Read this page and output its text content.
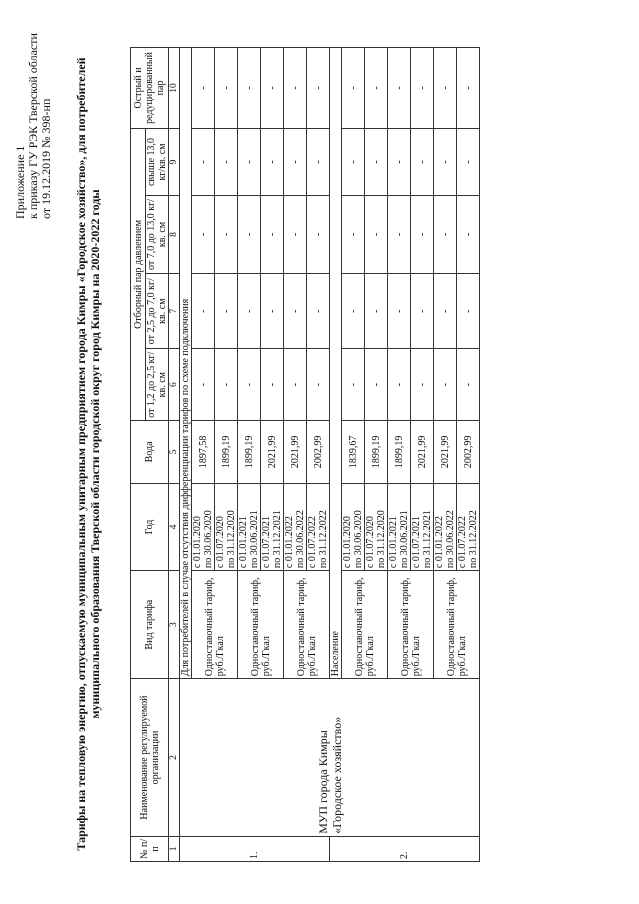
Приложение 1 к приказу ГУ РЭК Тверской области от 19.12.2019 № 398-нп Тарифы на тепловую энергию, отпускаемую муниципальным унитарным предприятием города Кимры «Городское хозяйство», для потребителей муниципального образования Тверской области городской округ город Кимры на 2020-2022 годы
№ п/п	Наименование регулируемой организации	Вид тарифа	Год	Вода	Отборный пар давлением				Острый и редуцированный пар
					от 1,2 до 2,5 кг/кв. см	от 2,5 до 7,0 кг/кв. см	от 7,0 до 13,0 кг/кв. см	свыше 13,0 кг/кв. см	
1	2	3	4	5	6	7	8	9	10
1.	МУП города Кимры «Городское хозяйство»	Для потребителей в случае отсутствия дифференциации тарифов по схеме подключения							
		Одноставочный тариф, руб./Гкал	с 01.01.2020 по 30.06.2020	1897,58	-	-	-	-	-

			с 01.07.2020 по 31.12.2020	1899,19	-	-	-	-	-
		Одноставочный тариф, руб./Гкал	с 01.01.2021 по 30.06.2021	1899,19	-	-	-	-	-

			с 01.07.2021 по 31.12.2021	2021,99	-	-	-	-	-
		Одноставочный тариф, руб./Гкал	с 01.01.2022 по 30.06.2022	2021,99	-	-	-	-	-

			с 01.07.2022 по 31.12.2022	2002,99	-	-	-	-	-
2.		Население							
		Одноставочный тариф, руб./Гкал	с 01.01.2020 по 30.06.2020	1839,67	-	-	-	-	-

			с 01.07.2020 по 31.12.2020	1899,19	-	-	-	-	-
		Одноставочный тариф, руб./Гкал	с 01.01.2021 по 30.06.2021	1899,19	-	-	-	-	-

			с 01.07.2021 по 31.12.2021	2021,99	-	-	-	-	-
		Одноставочный тариф, руб./Гкал	с 01.01.2022 по 30.06.2022	2021,99	-	-	-	-	-

			с 01.07.2022 по 31.12.2022	2002,99	-	-	-	-	-
